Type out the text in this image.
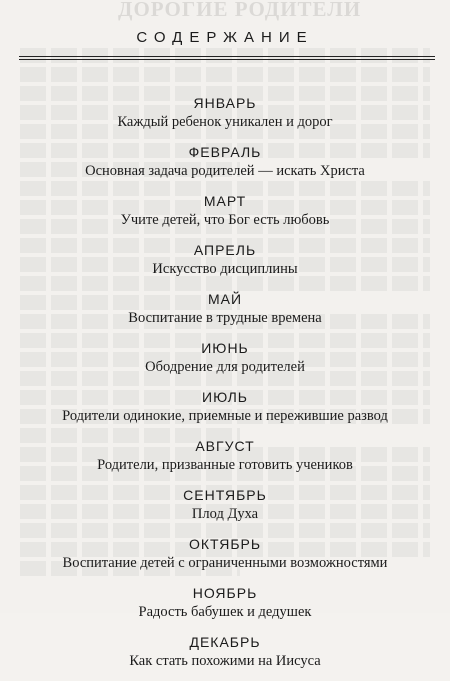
ДОРОГИЕ РОДИТЕЛИ
СОДЕРЖАНИЕ
ЯНВАРЬ
Каждый ребенок уникален и дорог
ФЕВРАЛЬ
Основная задача родителей — искать Христа
МАРТ
Учите детей, что Бог есть любовь
АПРЕЛЬ
Искусство дисциплины
МАЙ
Воспитание в трудные времена
ИЮНЬ
Ободрение для родителей
ИЮЛЬ
Родители одинокие, приемные и пережившие развод
АВГУСТ
Родители, призванные готовить учеников
СЕНТЯБРЬ
Плод Духа
ОКТЯБРЬ
Воспитание детей с ограниченными возможностями
НОЯБРЬ
Радость бабушек и дедушек
ДЕКАБРЬ
Как стать похожими на Иисуса
